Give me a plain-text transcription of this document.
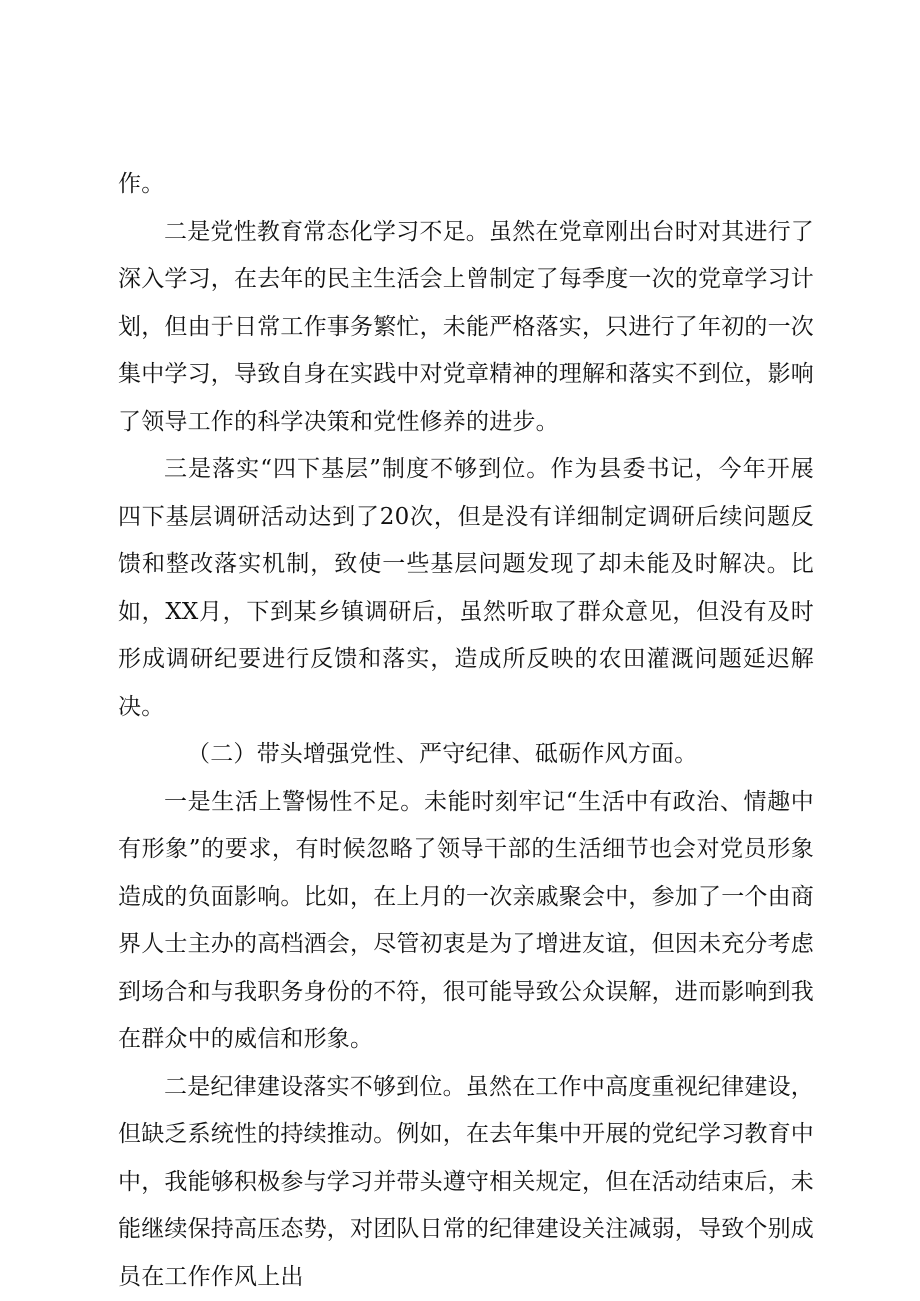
作。

二是党性教育常态化学习不足。虽然在党章刚出台时对其进行了深入学习，在去年的民主生活会上曾制定了每季度一次的党章学习计划，但由于日常工作事务繁忙，未能严格落实，只进行了年初的一次集中学习，导致自身在实践中对党章精神的理解和落实不到位，影响了领导工作的科学决策和党性修养的进步。

三是落实“四下基层”制度不够到位。作为县委书记，今年开展四下基层调研活动达到了20次，但是没有详细制定调研后续问题反馈和整改落实机制，致使一些基层问题发现了却未能及时解决。比如，XX月，下到某乡镇调研后，虽然听取了群众意见，但没有及时形成调研纪要进行反馈和落实，造成所反映的农田灌溉问题延迟解决。

（二）带头增强党性、严守纪律、砥砺作风方面。

一是生活上警惕性不足。未能时刻牢记“生活中有政治、情趣中有形象”的要求，有时候忽略了领导干部的生活细节也会对党员形象造成的负面影响。比如，在上月的一次亲戚聚会中，参加了一个由商界人士主办的高档酒会，尽管初衷是为了增进友谊，但因未充分考虑到场合和与我职务身份的不符，很可能导致公众误解，进而影响到我在群众中的威信和形象。

二是纪律建设落实不够到位。虽然在工作中高度重视纪律建设，但缺乏系统性的持续推动。例如，在去年集中开展的党纪学习教育中中，我能够积极参与学习并带头遵守相关规定，但在活动结束后，未能继续保持高压态势，对团队日常的纪律建设关注减弱，导致个别成员在工作作风上出
